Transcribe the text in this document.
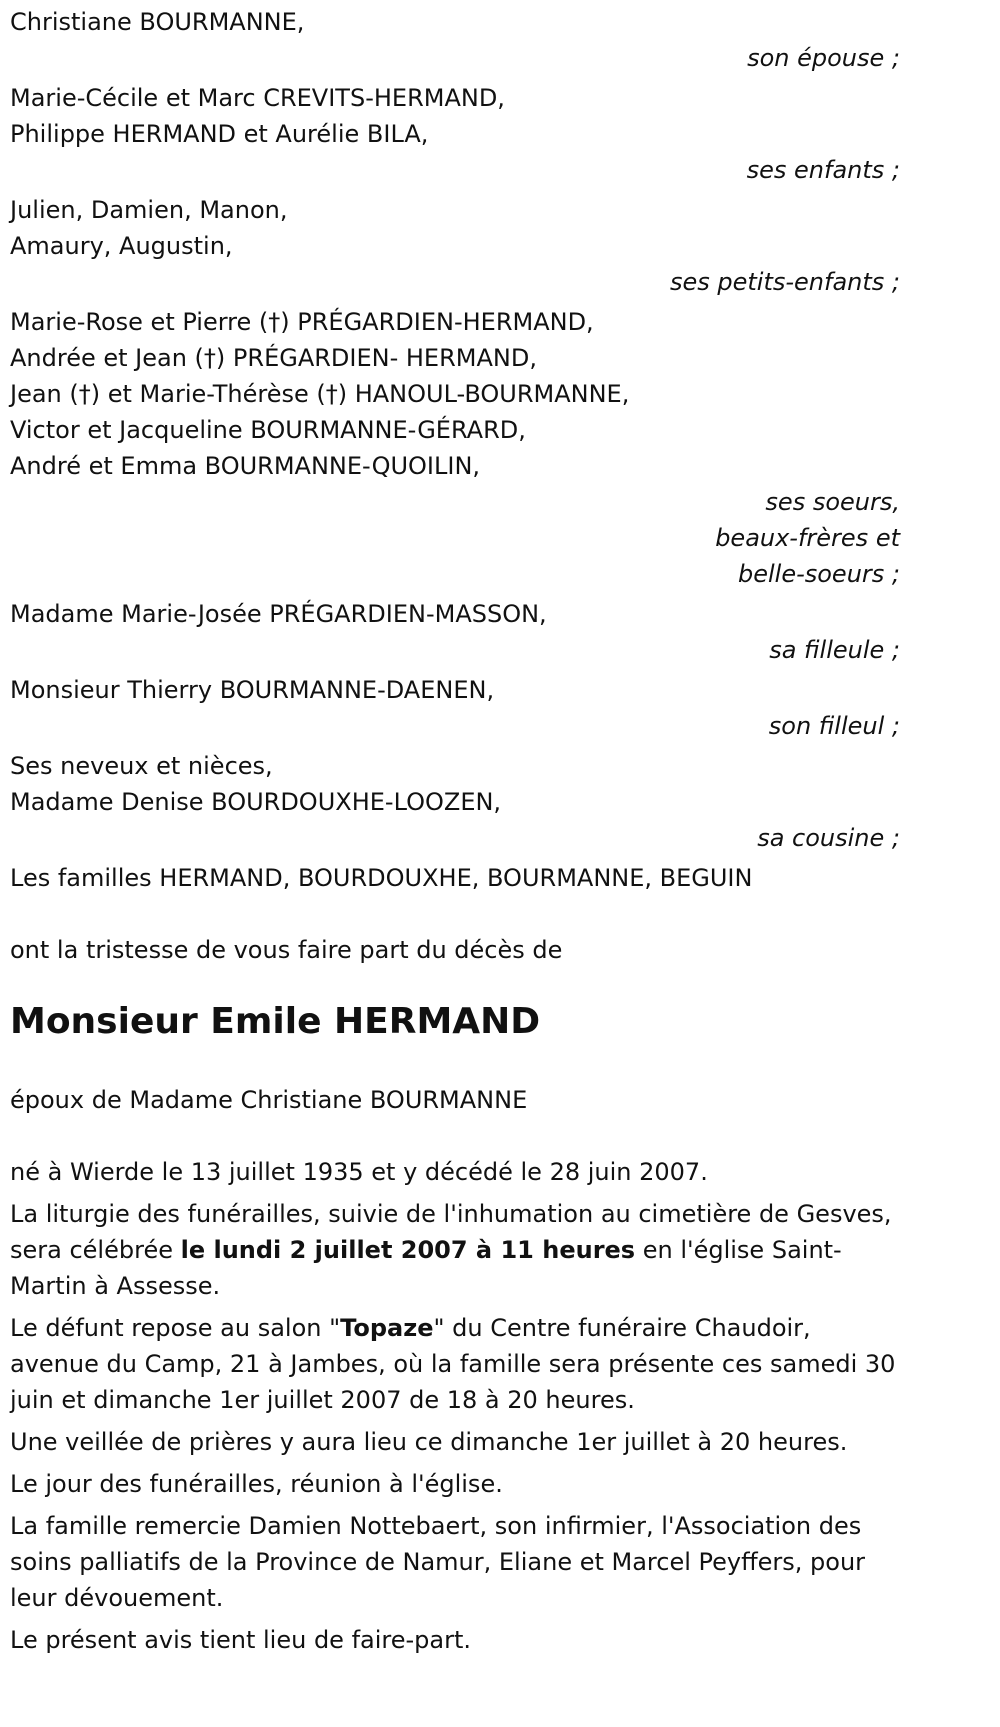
Christiane BOURMANNE,
son épouse ;
Marie-Cécile et Marc CREVITS-HERMAND,
Philippe HERMAND et Aurélie BILA,
ses enfants ;
Julien, Damien, Manon,
Amaury, Augustin,
ses petits-enfants ;
Marie-Rose et Pierre (†) PRÉGARDIEN-HERMAND,
Andrée et Jean (†) PRÉGARDIEN- HERMAND,
Jean (†) et Marie-Thérèse (†) HANOUL-BOURMANNE,
Victor et Jacqueline BOURMANNE-GÉRARD,
André et Emma BOURMANNE-QUOILIN,
ses soeurs, beaux-frères et belle-soeurs ;
Madame Marie-Josée PRÉGARDIEN-MASSON,
sa filleule ;
Monsieur Thierry BOURMANNE-DAENEN,
son filleul ;
Ses neveux et nièces,
Madame Denise BOURDOUXHE-LOOZEN,
sa cousine ;
Les familles HERMAND, BOURDOUXHE, BOURMANNE, BEGUIN
ont la tristesse de vous faire part du décès de
Monsieur Emile HERMAND
époux de Madame Christiane BOURMANNE

né à Wierde le 13 juillet 1935 et y décédé le 28 juin 2007.

La liturgie des funérailles, suivie de l'inhumation au cimetière de Gesves, sera célébrée le lundi 2 juillet 2007 à 11 heures en l'église Saint-Martin à Assesse.

Le défunt repose au salon "Topaze" du Centre funéraire Chaudoir, avenue du Camp, 21 à Jambes, où la famille sera présente ces samedi 30 juin et dimanche 1er juillet 2007 de 18 à 20 heures.

Une veillée de prières y aura lieu ce dimanche 1er juillet à 20 heures.

Le jour des funérailles, réunion à l'église.

La famille remercie Damien Nottebaert, son infirmier, l'Association des soins palliatifs de la Province de Namur, Eliane et Marcel Peyffers, pour leur dévouement.

Le présent avis tient lieu de faire-part.
